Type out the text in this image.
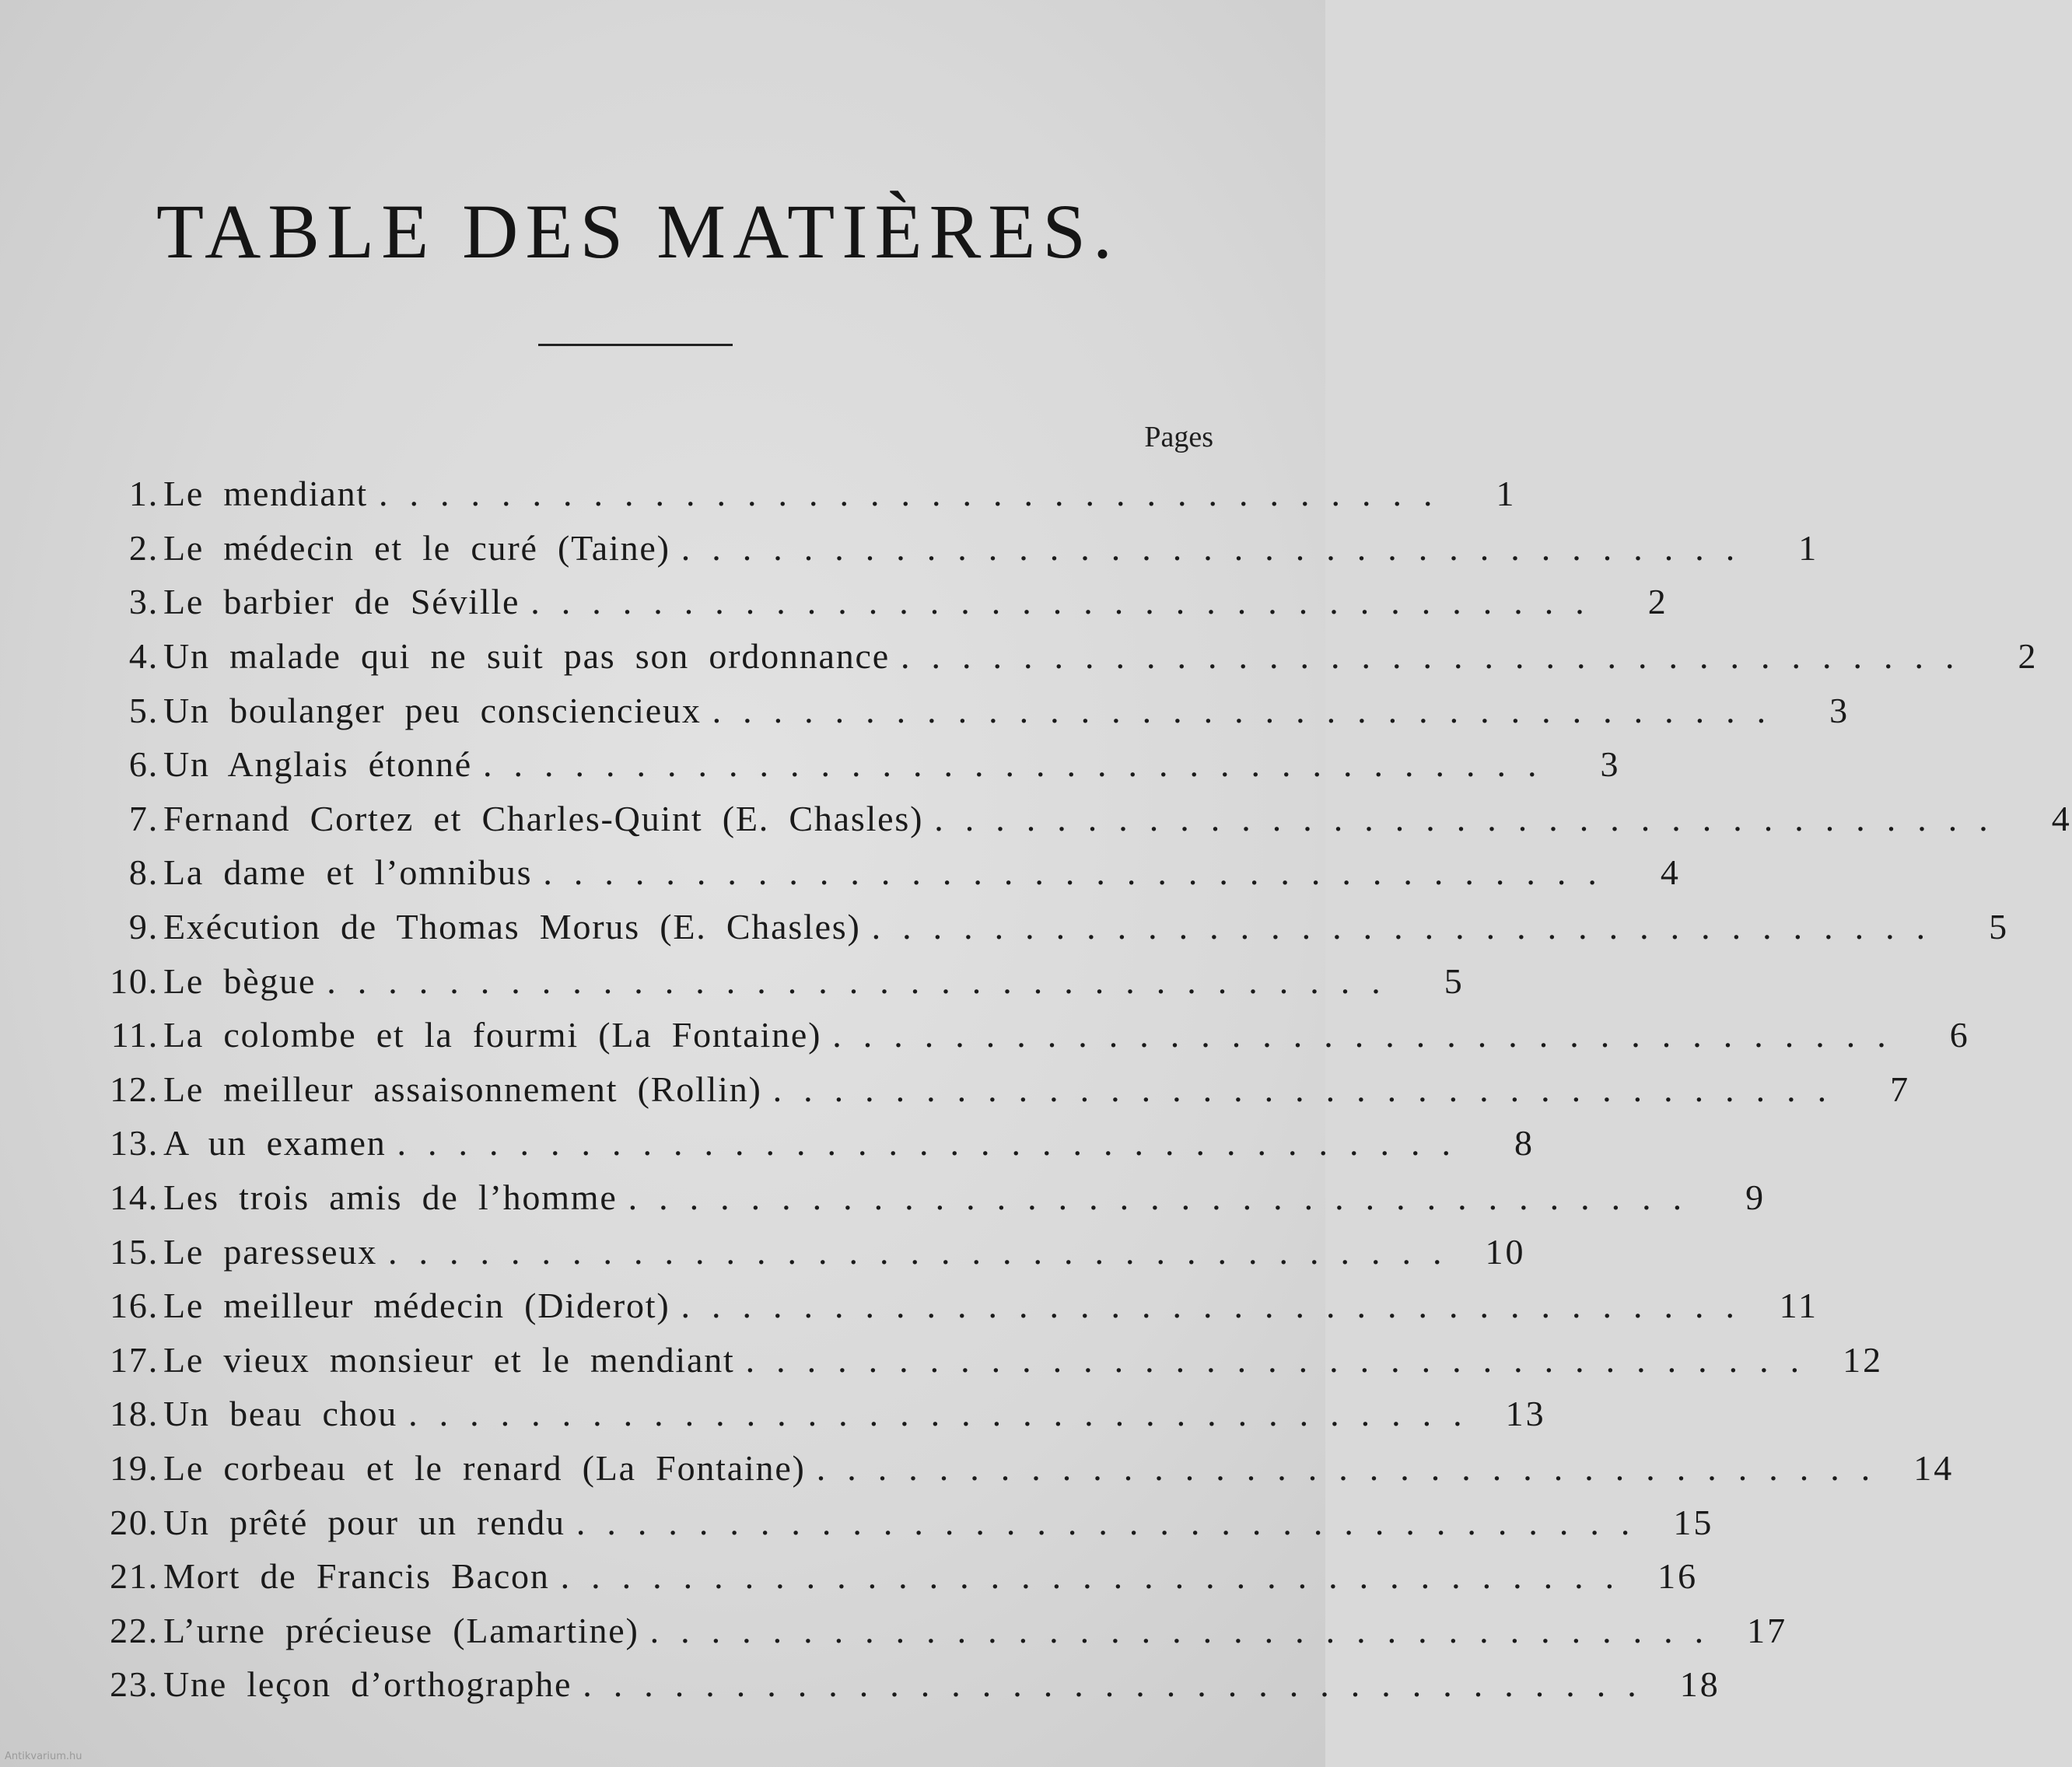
TABLE DES MATIÈRES.
Pages
1. Le mendiant ...................................	1
2. Le médecin et le curé (Taine) ...................................	1
3. Le barbier de Séville ...................................	2
4. Un malade qui ne suit pas son ordonnance ...................................	2
5. Un boulanger peu consciencieux ...................................	3
6. Un Anglais étonné ...................................	3
7. Fernand Cortez et Charles-Quint (E. Chasles) ...................................	4
8. La dame et l’omnibus ...................................	4
9. Exécution de Thomas Morus (E. Chasles) ...................................	5
10. Le bègue ...................................	5
11. La colombe et la fourmi (La Fontaine) ...................................	6
12. Le meilleur assaisonnement (Rollin) ...................................	7
13. A un examen ...................................	8
14. Les trois amis de l’homme ...................................	9
15. Le paresseux ................................... 10
16. Le meilleur médecin (Diderot) ................................... 11
17. Le vieux monsieur et le mendiant ................................... 12
18. Un beau chou ................................... 13
19. Le corbeau et le renard (La Fontaine) ................................... 14
20. Un prêté pour un rendu ................................... 15
21. Mort de Francis Bacon ................................... 16
22. L’urne précieuse (Lamartine) ................................... 17
23. Une leçon d’orthographe ................................... 18
Antikvarium.hu
